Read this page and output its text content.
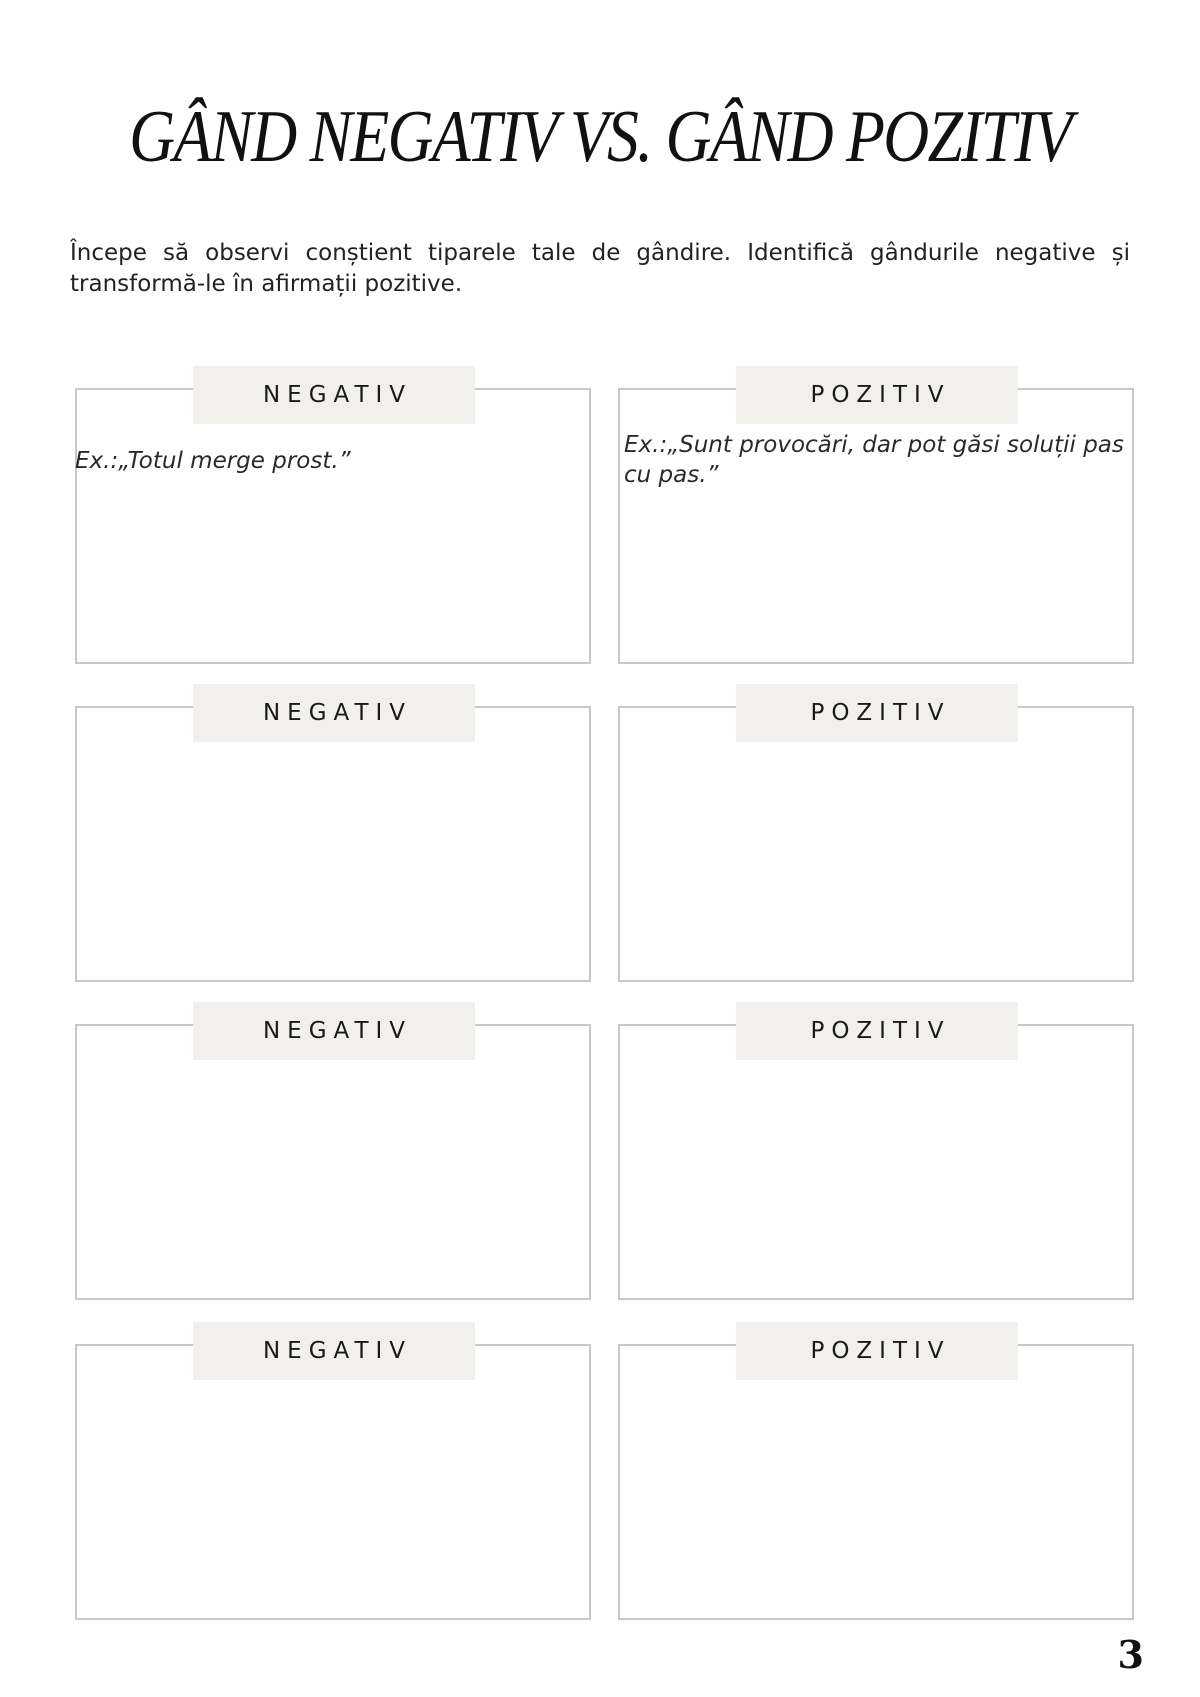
GÂND NEGATIV VS. GÂND POZITIV

Începe să observi conștient tiparele tale de gândire. Identifică gândurile negative și transformă-le în afirmații pozitive.

NEGATIV
Ex.:„Totul merge prost.”
POZITIV
Ex.:„Sunt provocări, dar pot găsi soluții pas cu pas.”
NEGATIV	POZITIV
NEGATIV	POZITIV
NEGATIV	POZITIV
3
